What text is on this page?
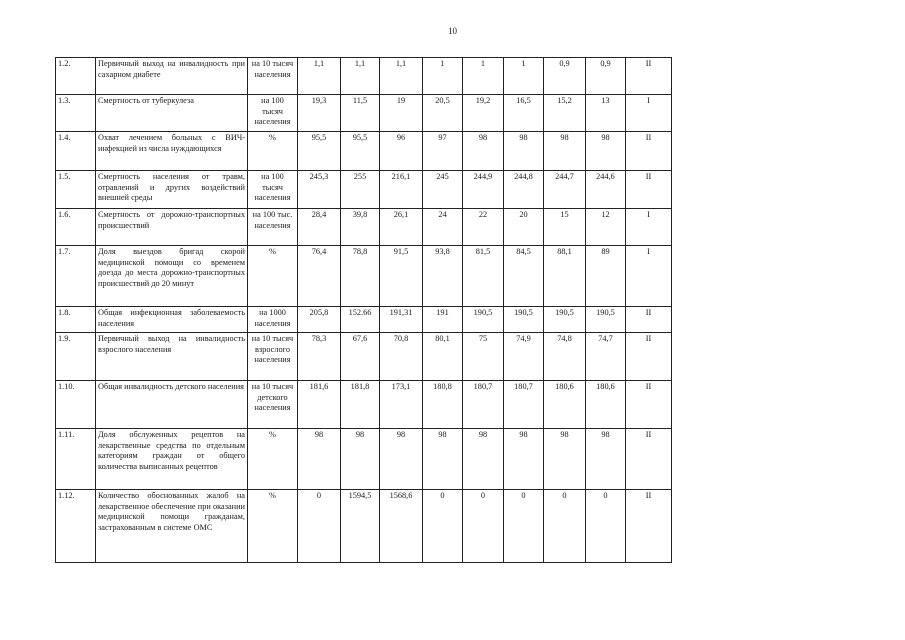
10
1.2.	Первичный выход на инвалидность при сахарном диабете	на 10 тысяч населения	1,1	1,1	1,1	1	1	1	0,9	0,9	II
1.3.	Смертность от туберкулеза	на 100 тысяч населения	19,3	11,5	19	20,5	19,2	16,5	15,2	13	I
1.4.	Охват лечением больных с ВИЧ-инфекцией из числа нуждающихся	%	95,5	95,5	96	97	98	98	98	98	II
1.5.	Смертность населения от травм, отравлений и других воздействий внешней среды	на 100 тысяч населения	245,3	255	216,1	245	244,9	244,8	244,7	244,6	II
1.6.	Смертность от дорожно-транспортных происшествий	на 100 тыс. населения	28,4	39,8	26,1	24	22	20	15	12	I
1.7.	Доля выездов бригад скорой медицинской помощи со временем доезда до места дорожно-транспортных происшествий до 20 минут	%	76,4	78,8	91,5	93,8	81,5	84,5	88,1	89	I
1.8.	Общая инфекционная заболеваемость населения	на 1000 населения	205,8	152.66	191,31	191	190,5	190,5	190,5	190,5	II
1.9.	Первичный выход на инвалидность взрослого населения	на 10 тысяч взрослого населения	78,3	67,6	70,8	80,1	75	74,9	74,8	74,7	II
1.10.	Общая инвалидность детского населения	на 10 тысяч детского населения	181,6	181,8	173,1	180,8	180,7	180,7	180,6	180,6	II
1.11.	Доля обслуженных рецептов на лекарственные средства по отдельным категориям граждан от общего количества выписанных рецептов	%	98	98	98	98	98	98	98	98	II
1.12.	Количество обоснованных жалоб на лекарственное обеспечение при оказании медицинской помощи гражданам, застрахованным в системе ОМС	%	0	1594,5	1568,6	0	0	0	0	0	II
